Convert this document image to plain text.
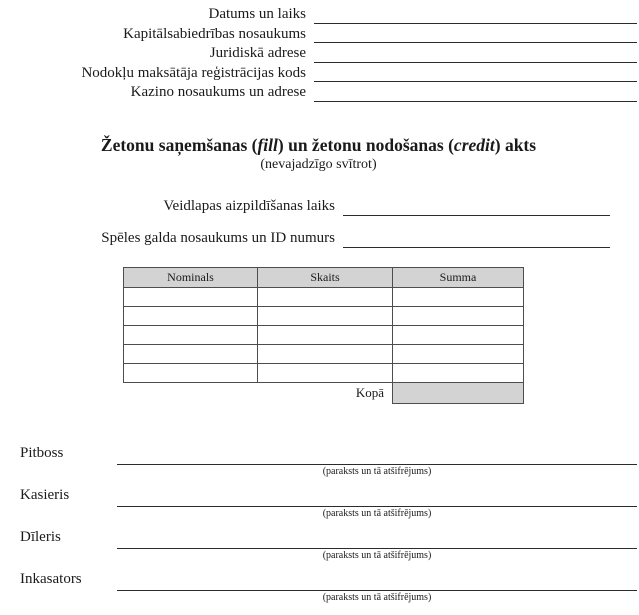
Datums un laiks
Kapitālsabiedrības nosaukums
Juridiskā adrese
Nodokļu maksātāja reģistrācijas kods
Kazino nosaukums un adrese
Žetonu saņemšanas (fill) un žetonu nodošanas (credit) akts
(nevajadzīgo svītrot)
Veidlapas aizpildīšanas laiks
Spēles galda nosaukums un ID numurs
Nominals	Skaits	Summa

Kopā		
Pitboss
(paraksts un tā atšifrējums)
Kasieris
(paraksts un tā atšifrējums)
Dīleris
(paraksts un tā atšifrējums)
Inkasators
(paraksts un tā atšifrējums)
